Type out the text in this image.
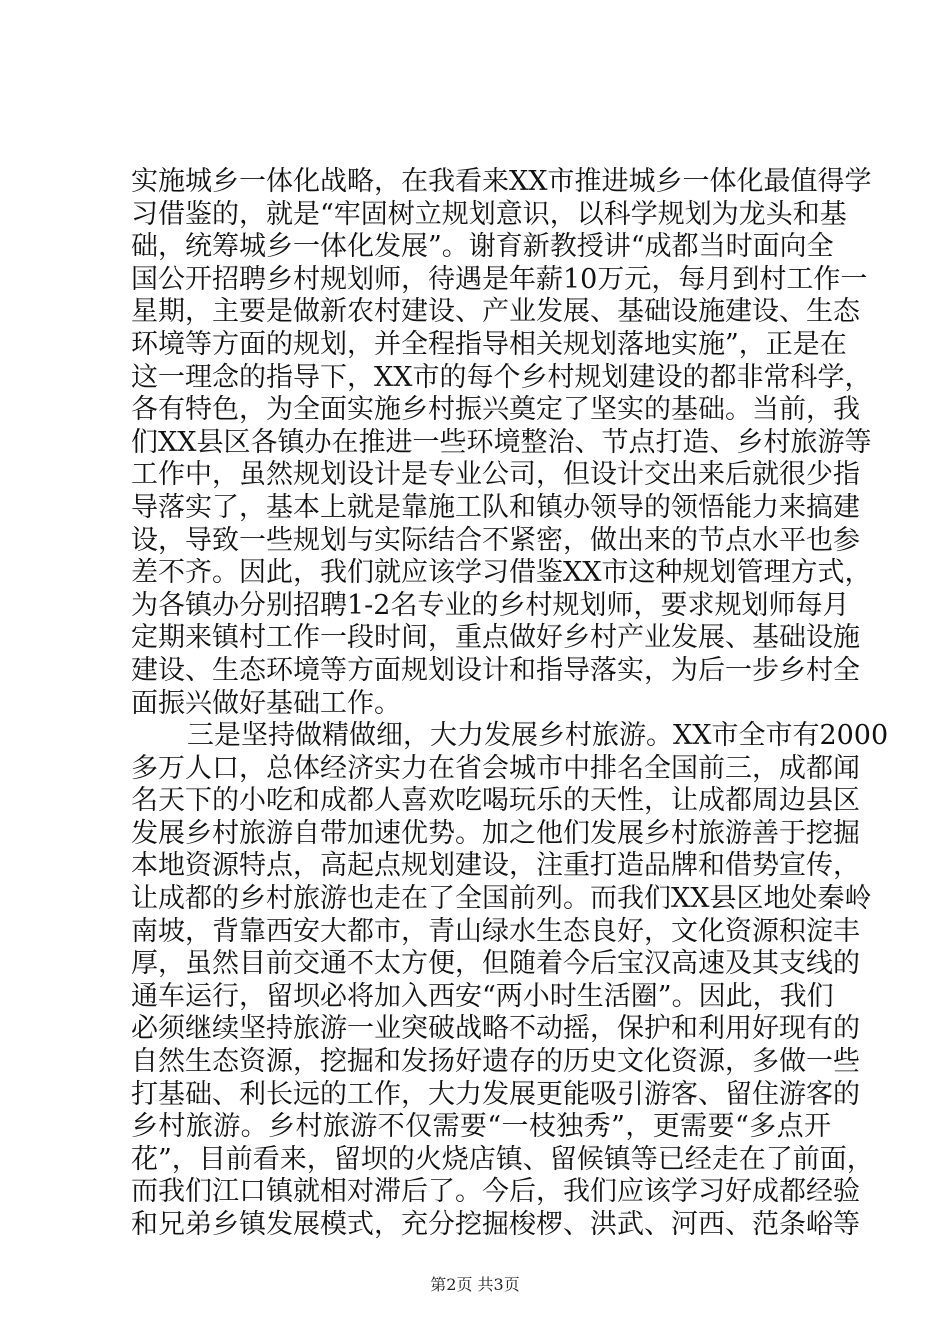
实施城乡一体化战略，在我看来XX市推进城乡一体化最值得学
习借鉴的，就是“牢固树立规划意识，以科学规划为龙头和基
础，统筹城乡一体化发展”。谢育新教授讲“成都当时面向全
国公开招聘乡村规划师，待遇是年薪10万元，每月到村工作一
星期，主要是做新农村建设、产业发展、基础设施建设、生态
环境等方面的规划，并全程指导相关规划落地实施”，正是在
这一理念的指导下，XX市的每个乡村规划建设的都非常科学，
各有特色，为全面实施乡村振兴奠定了坚实的基础。当前，我
们XX县区各镇办在推进一些环境整治、节点打造、乡村旅游等
工作中，虽然规划设计是专业公司，但设计交出来后就很少指
导落实了，基本上就是靠施工队和镇办领导的领悟能力来搞建
设，导致一些规划与实际结合不紧密，做出来的节点水平也参
差不齐。因此，我们就应该学习借鉴XX市这种规划管理方式，
为各镇办分别招聘1-2名专业的乡村规划师，要求规划师每月
定期来镇村工作一段时间，重点做好乡村产业发展、基础设施
建设、生态环境等方面规划设计和指导落实，为后一步乡村全
面振兴做好基础工作。
三是坚持做精做细，大力发展乡村旅游。XX市全市有2000
多万人口，总体经济实力在省会城市中排名全国前三，成都闻
名天下的小吃和成都人喜欢吃喝玩乐的天性，让成都周边县区
发展乡村旅游自带加速优势。加之他们发展乡村旅游善于挖掘
本地资源特点，高起点规划建设，注重打造品牌和借势宣传，
让成都的乡村旅游也走在了全国前列。而我们XX县区地处秦岭
南坡，背靠西安大都市，青山绿水生态良好，文化资源积淀丰
厚，虽然目前交通不太方便，但随着今后宝汉高速及其支线的
通车运行，留坝必将加入西安“两小时生活圈”。因此，我们
必须继续坚持旅游一业突破战略不动摇，保护和利用好现有的
自然生态资源，挖掘和发扬好遗存的历史文化资源，多做一些
打基础、利长远的工作，大力发展更能吸引游客、留住游客的
乡村旅游。乡村旅游不仅需要“一枝独秀”，更需要“多点开
花”，目前看来，留坝的火烧店镇、留候镇等已经走在了前面，
而我们江口镇就相对滞后了。今后，我们应该学习好成都经验
和兄弟乡镇发展模式，充分挖掘梭椤、洪武、河西、范条峪等
第2页 共3页
